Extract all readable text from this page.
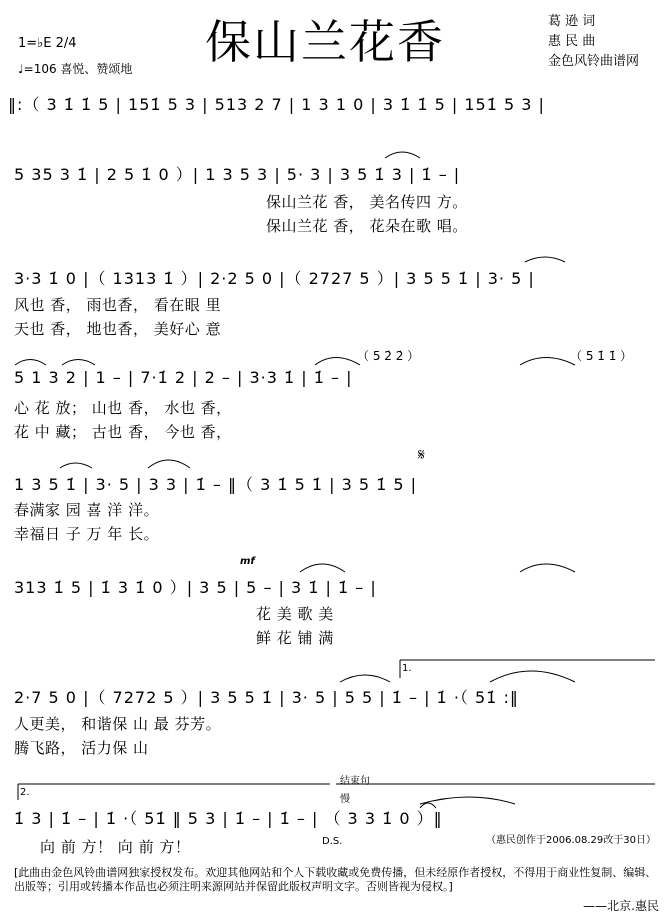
保山兰花香	葛 逊 词
惠 民 曲
金色风铃曲谱网
1=♭E 2/4
♩=106 喜悦、赞颂地
‖:（ 3 1̇ 1̇ 5 | 151̇ 5 3 | 513 2 7 | 1 3 1 0 | 3 1̇ 1̇ 5 | 151̇ 5 3 |
5 35 3 1̇ | 2 5 1̇ 0 ）| 1 3 5 3 | 5· 3 | 3 5 1̇ 3 | 1̇ – |
保山兰花 香， 美名传四 方。
保山兰花 香， 花朵在歌 唱。
3·3 1̇ 0 |（ 1313 1̇ ）| 2·2 5 0 |（ 2727 5 ）| 3 5 5 1̇ | 3· 5 |
风也 香， 雨也香， 看在眼 里
天也 香， 地也香， 美好心 意
（ 5 2̇ 2̇ ）	（ 5 1̇ 1̇ ）
5 1 3 2 | 1 – | 7·1̇ 2 | 2 – | 3·3 1̇ | 1̇ – |
心 花 放； 山也 香， 水也 香，
花 中 藏； 古也 香， 今也 香，
1 3 5 1̇ | 3· 5 | 3 3 | 1̇ – ‖（ 3 1̇ 5 1̇ | 3 5 1̇ 5 |
春满家 园 喜 洋 洋。
幸福日 子 万 年 长。
mf
313 1̇ 5 | 1̇ 3 1̇ 0 ）| 3 5 | 5 – | 3 1̇ | 1̇ – |
花 美 歌 美
鲜 花 铺 满
1.
2·7 5 0 |（ 7272 5 ）| 3 5 5 1̇ | 3· 5 | 5 5 | 1̇ – | 1̇ ·（ 51̇ :‖
人更美， 和谐保 山 最 芬芳。
腾飞路， 活力保 山
2.
结束句
慢
1̇ 3 | 1̇ – | 1̇ ·（ 51̇ ‖ 5 3 | 1̇ – | 1̇ – | （ 3 3 1̇ 0 ）‖
D.S.
向 前 方！ 向 前 方！	（惠民创作于2006.08.29改于30日）
[此曲由金色风铃曲谱网独家授权发布。欢迎其他网站和个人下载收藏或免费传播，但未经原作者授权，不得用于商业性复制、编辑、出版等；引用或转播本作品也必须注明来源网站并保留此版权声明文字。否则皆视为侵权。]
——北京.惠民
𝄋
